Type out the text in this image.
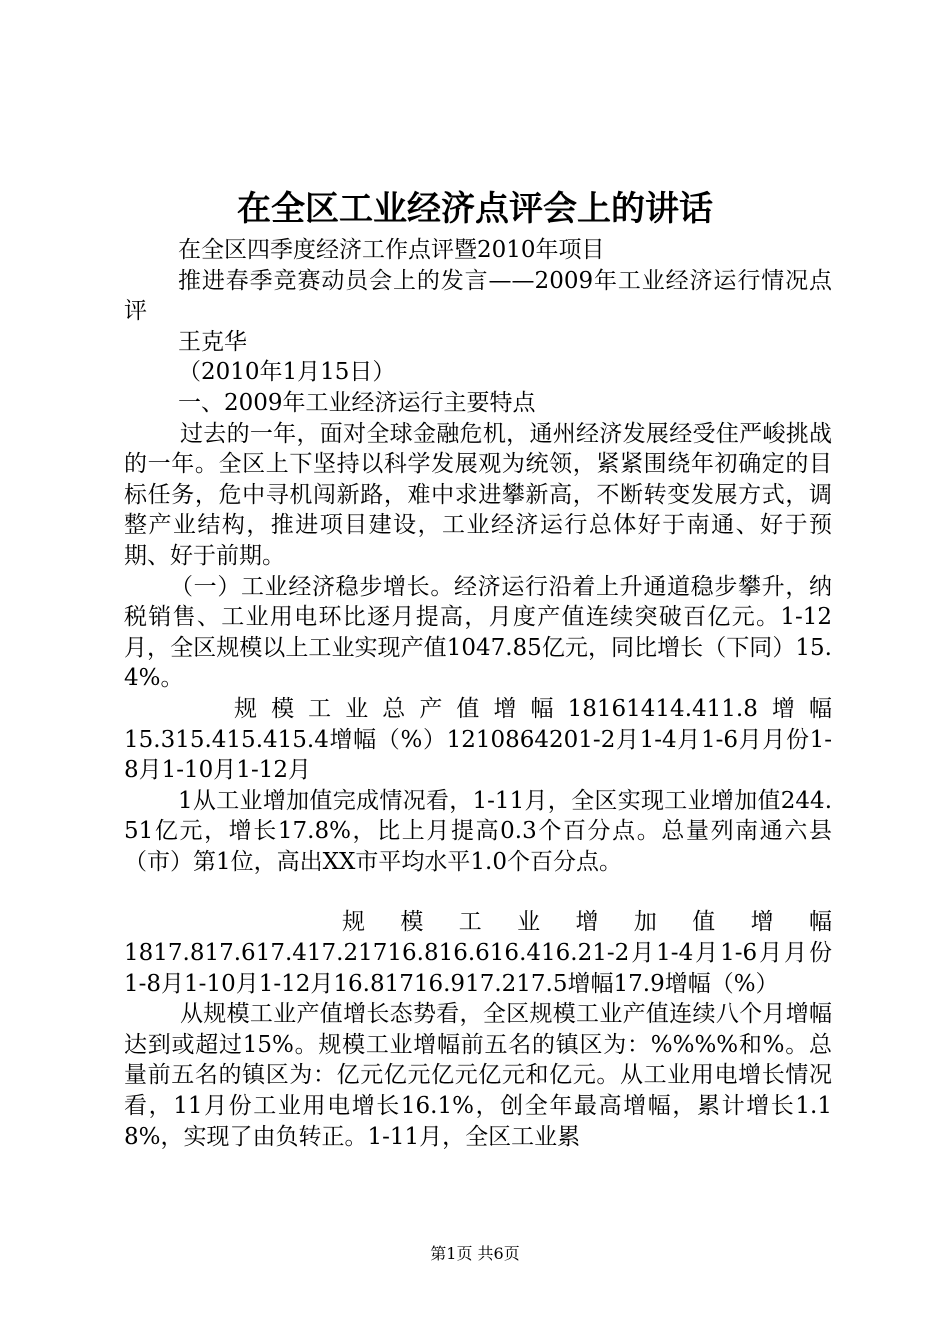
在全区工业经济点评会上的讲话

在全区四季度经济工作点评暨2010年项目

推进春季竞赛动员会上的发言——2009年工业经济运行情况点评

王克华

（2010年1月15日）

一、2009年工业经济运行主要特点

过去的一年，面对全球金融危机，通州经济发展经受住严峻挑战的一年。全区上下坚持以科学发展观为统领，紧紧围绕年初确定的目标任务，危中寻机闯新路，难中求进攀新高，不断转变发展方式，调整产业结构，推进项目建设，工业经济运行总体好于南通、好于预期、好于前期。

（一）工业经济稳步增长。经济运行沿着上升通道稳步攀升，纳税销售、工业用电环比逐月提高，月度产值连续突破百亿元。1-12月，全区规模以上工业实现产值1047.85亿元，同比增长（下同）15.4%。

规模工业总产值增幅18161414.411.8增幅

15.315.415.415.4增幅（%）1210864201-2月1-4月1-6月月份1-8月1-10月1-12月

1从工业增加值完成情况看，1-11月，全区实现工业增加值244.51亿元，增长17.8%，比上月提高0.3个百分点。总量列南通六县（市）第1位，高出XX市平均水平1.0个百分点。

规模工业增加值增幅

1817.817.617.417.21716.816.616.416.21-2月1-4月1-6月月份1-8月1-10月1-12月16.81716.917.217.5增幅17.9增幅（%）

从规模工业产值增长态势看，全区规模工业产值连续八个月增幅达到或超过15%。规模工业增幅前五名的镇区为：%%%%和%。总量前五名的镇区为：亿元亿元亿元亿元和亿元。从工业用电增长情况看，11月份工业用电增长16.1%，创全年最高增幅，累计增长1.18%，实现了由负转正。1-11月，全区工业累

第1页 共6页
